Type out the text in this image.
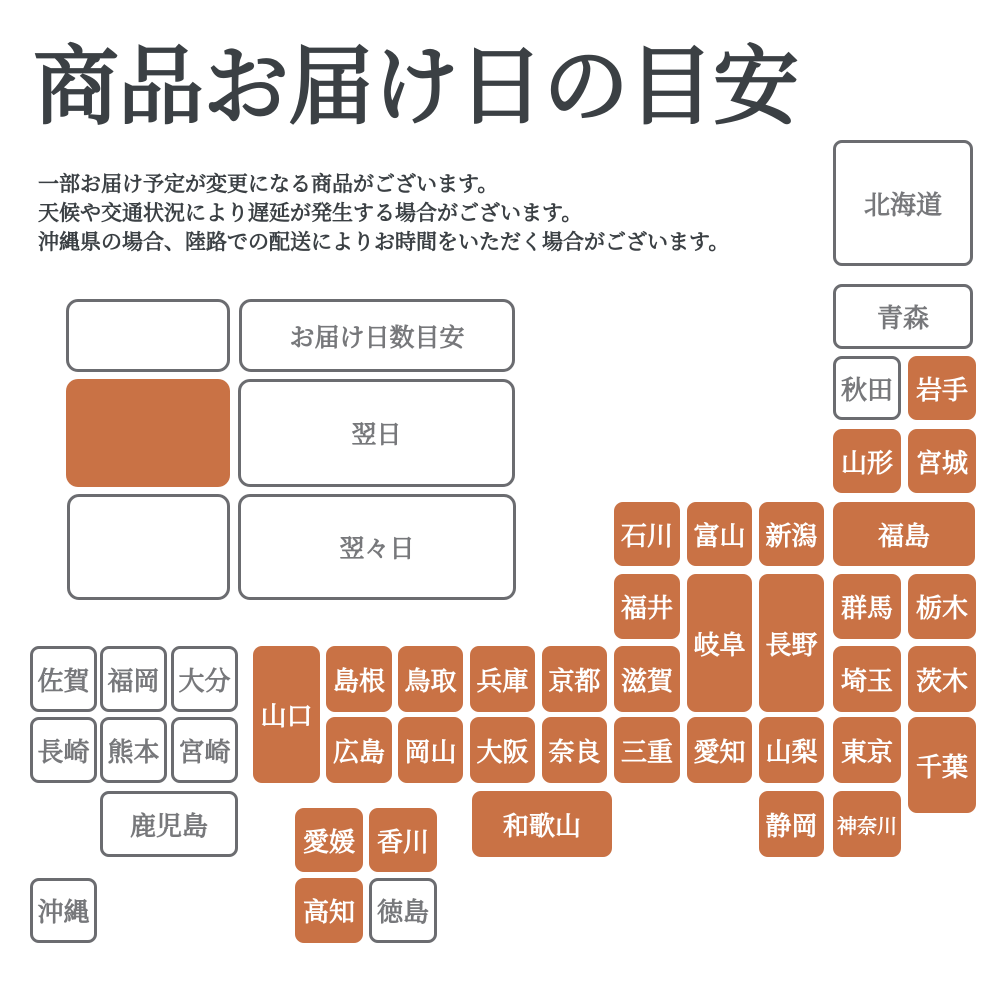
商品お届け日の目安
一部お届け予定が変更になる商品がございます。
天候や交通状況により遅延が発生する場合がございます。
沖縄県の場合、陸路での配送によりお時間をいただく場合がございます。
お届け日数目安
翌日
翌々日
北海道
青森
秋田 岩手
山形 宮城
石川 富山 新潟	福島
福井
岐阜 長野
群馬 栃木
滋賀	埼玉 茨木
佐賀 福岡 大分
山口
島根 鳥取 兵庫 京都
長崎 熊本 宮崎	広島 岡山 大阪 奈良 三重 愛知 山梨 東京 千葉
鹿児島	和歌山	静岡 神奈川
愛媛 香川
高知 徳島
沖縄
